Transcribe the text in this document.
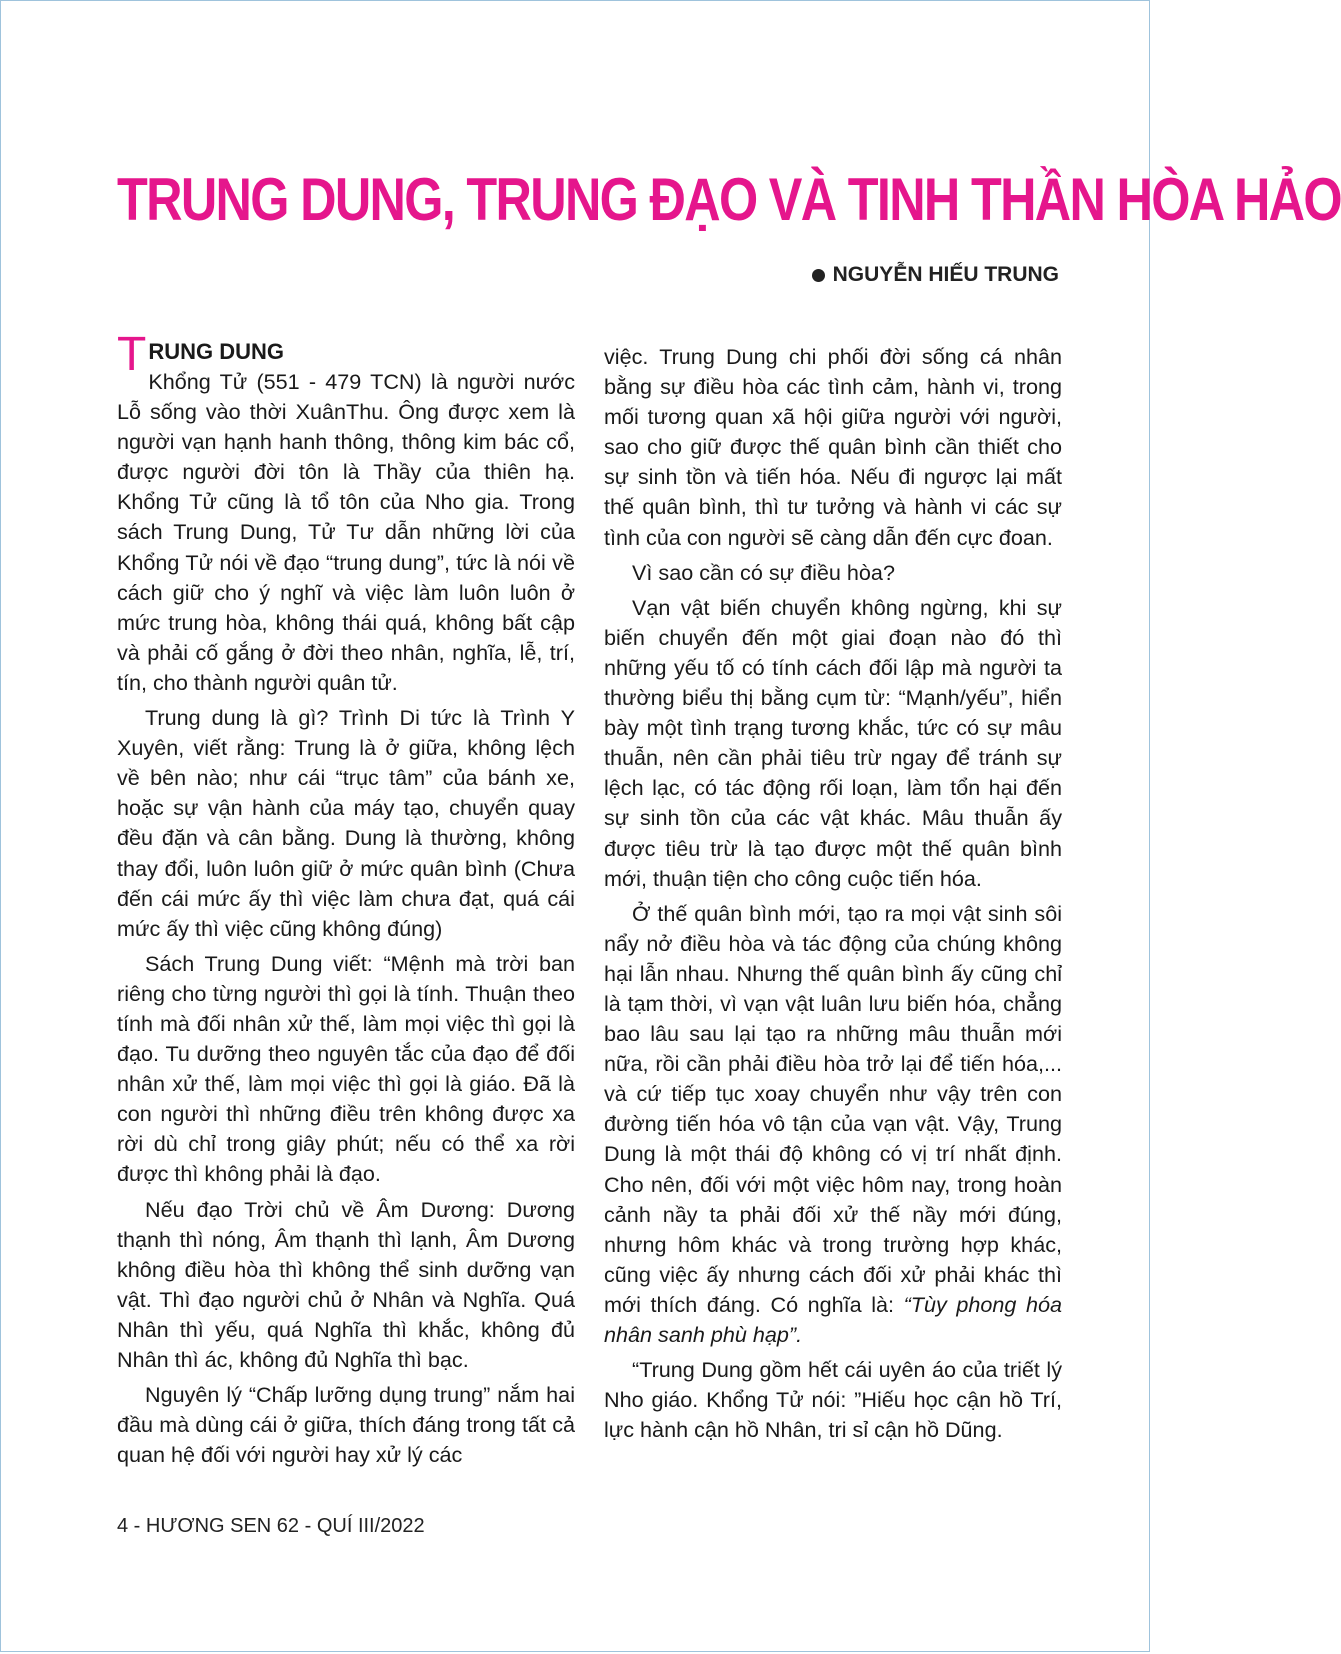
TRUNG DUNG, TRUNG ĐẠO VÀ TINH THẦN HÒA HẢO
NGUYỄN HIẾU TRUNG
TRUNG DUNG

Khổng Tử (551 - 479 TCN) là người nước Lỗ sống vào thời XuânThu. Ông được xem là người vạn hạnh hanh thông, thông kim bác cổ, được người đời tôn là Thầy của thiên hạ. Khổng Tử cũng là tổ tôn của Nho gia. Trong sách Trung Dung, Tử Tư dẫn những lời của Khổng Tử nói về đạo “trung dung”, tức là nói về cách giữ cho ý nghĩ và việc làm luôn luôn ở mức trung hòa, không thái quá, không bất cập và phải cố gắng ở đời theo nhân, nghĩa, lễ, trí, tín, cho thành người quân tử.

Trung dung là gì? Trình Di tức là Trình Y Xuyên, viết rằng: Trung là ở giữa, không lệch về bên nào; như cái “trục tâm” của bánh xe, hoặc sự vận hành của máy tạo, chuyển quay đều đặn và cân bằng. Dung là thường, không thay đổi, luôn luôn giữ ở mức quân bình (Chưa đến cái mức ấy thì việc làm chưa đạt, quá cái mức ấy thì việc cũng không đúng)

Sách Trung Dung viết: “Mệnh mà trời ban riêng cho từng người thì gọi là tính. Thuận theo tính mà đối nhân xử thế, làm mọi việc thì gọi là đạo. Tu dưỡng theo nguyên tắc của đạo để đối nhân xử thế, làm mọi việc thì gọi là giáo. Đã là con người thì những điều trên không được xa rời dù chỉ trong giây phút; nếu có thể xa rời được thì không phải là đạo.

Nếu đạo Trời chủ về Âm Dương: Dương thạnh thì nóng, Âm thạnh thì lạnh, Âm Dương không điều hòa thì không thể sinh dưỡng vạn vật. Thì đạo người chủ ở Nhân và Nghĩa. Quá Nhân thì yếu, quá Nghĩa thì khắc, không đủ Nhân thì ác, không đủ Nghĩa thì bạc.

Nguyên lý “Chấp lưỡng dụng trung” nắm hai đầu mà dùng cái ở giữa, thích đáng trong tất cả quan hệ đối với người hay xử lý các

việc. Trung Dung chi phối đời sống cá nhân bằng sự điều hòa các tình cảm, hành vi, trong mối tương quan xã hội giữa người với người, sao cho giữ được thế quân bình cần thiết cho sự sinh tồn và tiến hóa. Nếu đi ngược lại mất thế quân bình, thì tư tưởng và hành vi các sự tình của con người sẽ càng dẫn đến cực đoan.

Vì sao cần có sự điều hòa?

Vạn vật biến chuyển không ngừng, khi sự biến chuyển đến một giai đoạn nào đó thì những yếu tố có tính cách đối lập mà người ta thường biểu thị bằng cụm từ: “Mạnh/yếu”, hiển bày một tình trạng tương khắc, tức có sự mâu thuẫn, nên cần phải tiêu trừ ngay để tránh sự lệch lạc, có tác động rối loạn, làm tổn hại đến sự sinh tồn của các vật khác. Mâu thuẫn ấy được tiêu trừ là tạo được một thế quân bình mới, thuận tiện cho công cuộc tiến hóa.

Ở thế quân bình mới, tạo ra mọi vật sinh sôi nẩy nở điều hòa và tác động của chúng không hại lẫn nhau. Nhưng thế quân bình ấy cũng chỉ là tạm thời, vì vạn vật luân lưu biến hóa, chẳng bao lâu sau lại tạo ra những mâu thuẫn mới nữa, rồi cần phải điều hòa trở lại để tiến hóa,... và cứ tiếp tục xoay chuyển như vậy trên con đường tiến hóa vô tận của vạn vật. Vậy, Trung Dung là một thái độ không có vị trí nhất định. Cho nên, đối với một việc hôm nay, trong hoàn cảnh nầy ta phải đối xử thế nầy mới đúng, nhưng hôm khác và trong trường hợp khác, cũng việc ấy nhưng cách đối xử phải khác thì mới thích đáng. Có nghĩa là: “Tùy phong hóa nhân sanh phù hạp”.

“Trung Dung gồm hết cái uyên áo của triết lý Nho giáo. Khổng Tử nói: ”Hiếu học cận hồ Trí, lực hành cận hồ Nhân, tri sỉ cận hồ Dũng.

4 - HƯƠNG SEN 62 - QUÍ III/2022
